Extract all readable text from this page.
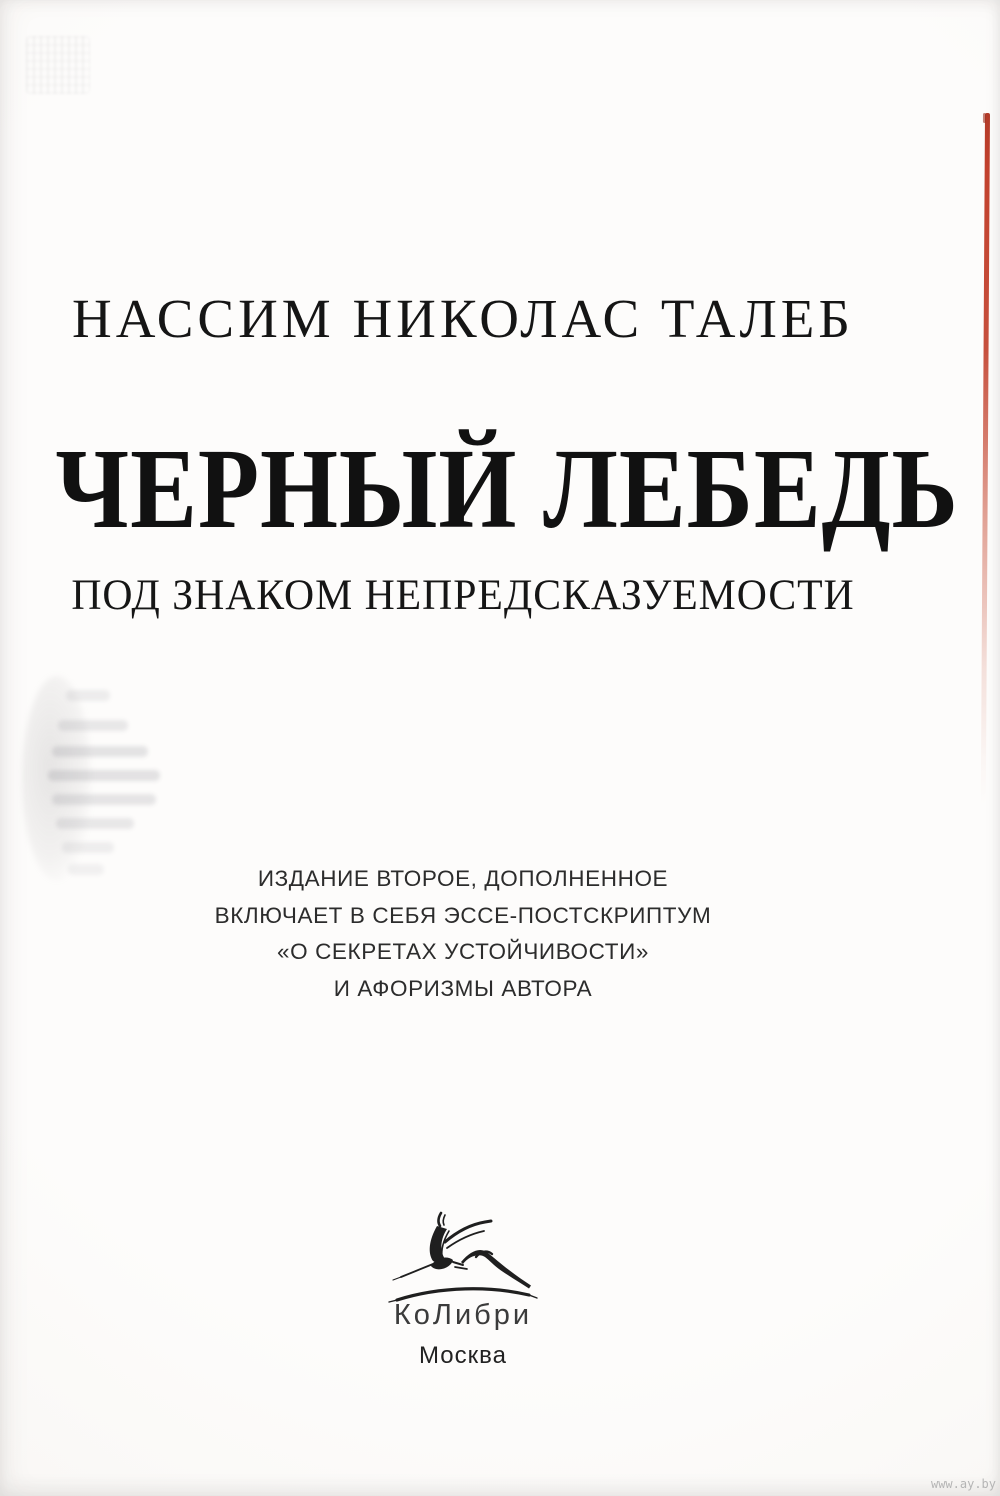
НАССИМ НИКОЛАС ТАЛЕБ
ЧЕРНЫЙ ЛЕБЕДЬ
ПОД ЗНАКОМ НЕПРЕДСКАЗУЕМОСТИ
ИЗДАНИЕ ВТОРОЕ, ДОПОЛНЕННОЕ
ВКЛЮЧАЕТ В СЕБЯ ЭССЕ-ПОСТСКРИПТУМ
«О СЕКРЕТАХ УСТОЙЧИВОСТИ»
И АФОРИЗМЫ АВТОРА
КоЛибри
Москва
www.ay.by
